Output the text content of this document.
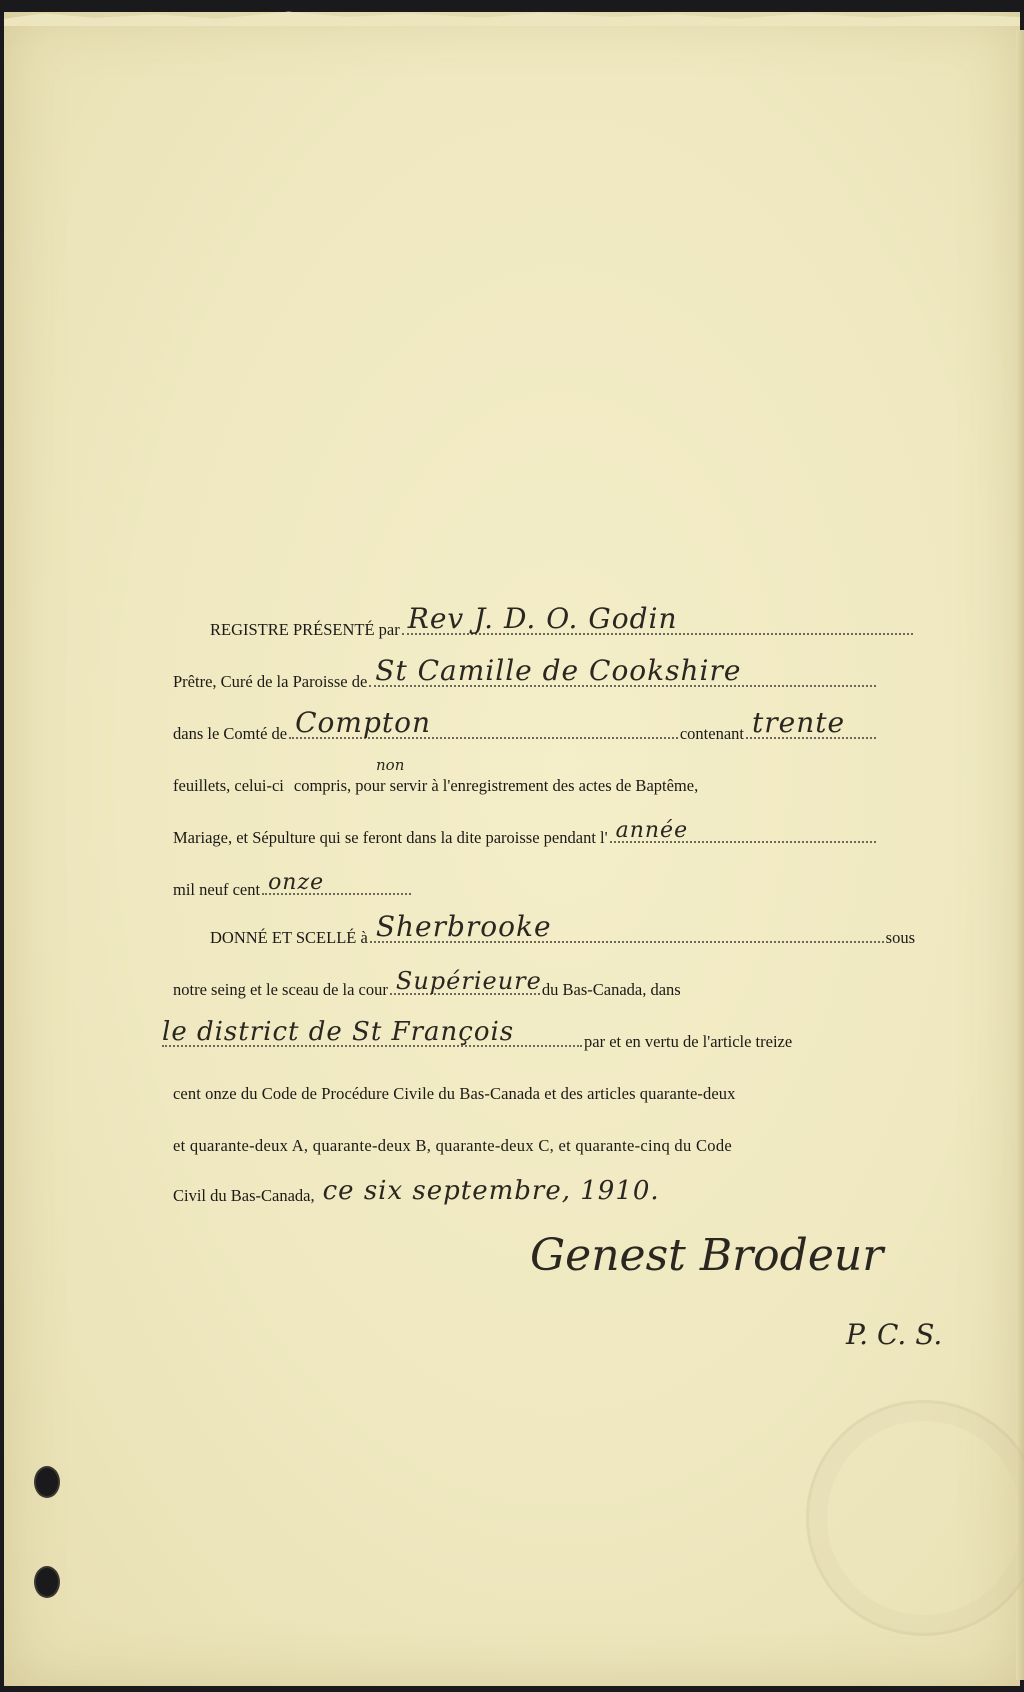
REGISTRE PRÉSENTÉ par Rev J. D. O. Godin
Prêtre, Curé de la Paroisse de St Camille de Cookshire
dans le Comté de Compton	contenant trente
feuillets, celui-ci
non
compris, pour servir à l'enregistrement des actes de Baptême,
Mariage, et Sépulture qui se feront dans la dite paroisse pendant l' année
mil neuf cent onze
DONNÉ ET SCELLÉ à Sherbrooke	sous
notre seing et le sceau de la cour Supérieure du Bas-Canada, dans
le district de St François	par et en vertu de l'article treize
cent onze du Code de Procédure Civile du Bas-Canada et des articles quarante-deux
et quarante-deux A, quarante-deux B, quarante-deux C, et quarante-cinq du Code
Civil du Bas-Canada, ce six septembre, 1910.
Genest Brodeur
P. C. S.
